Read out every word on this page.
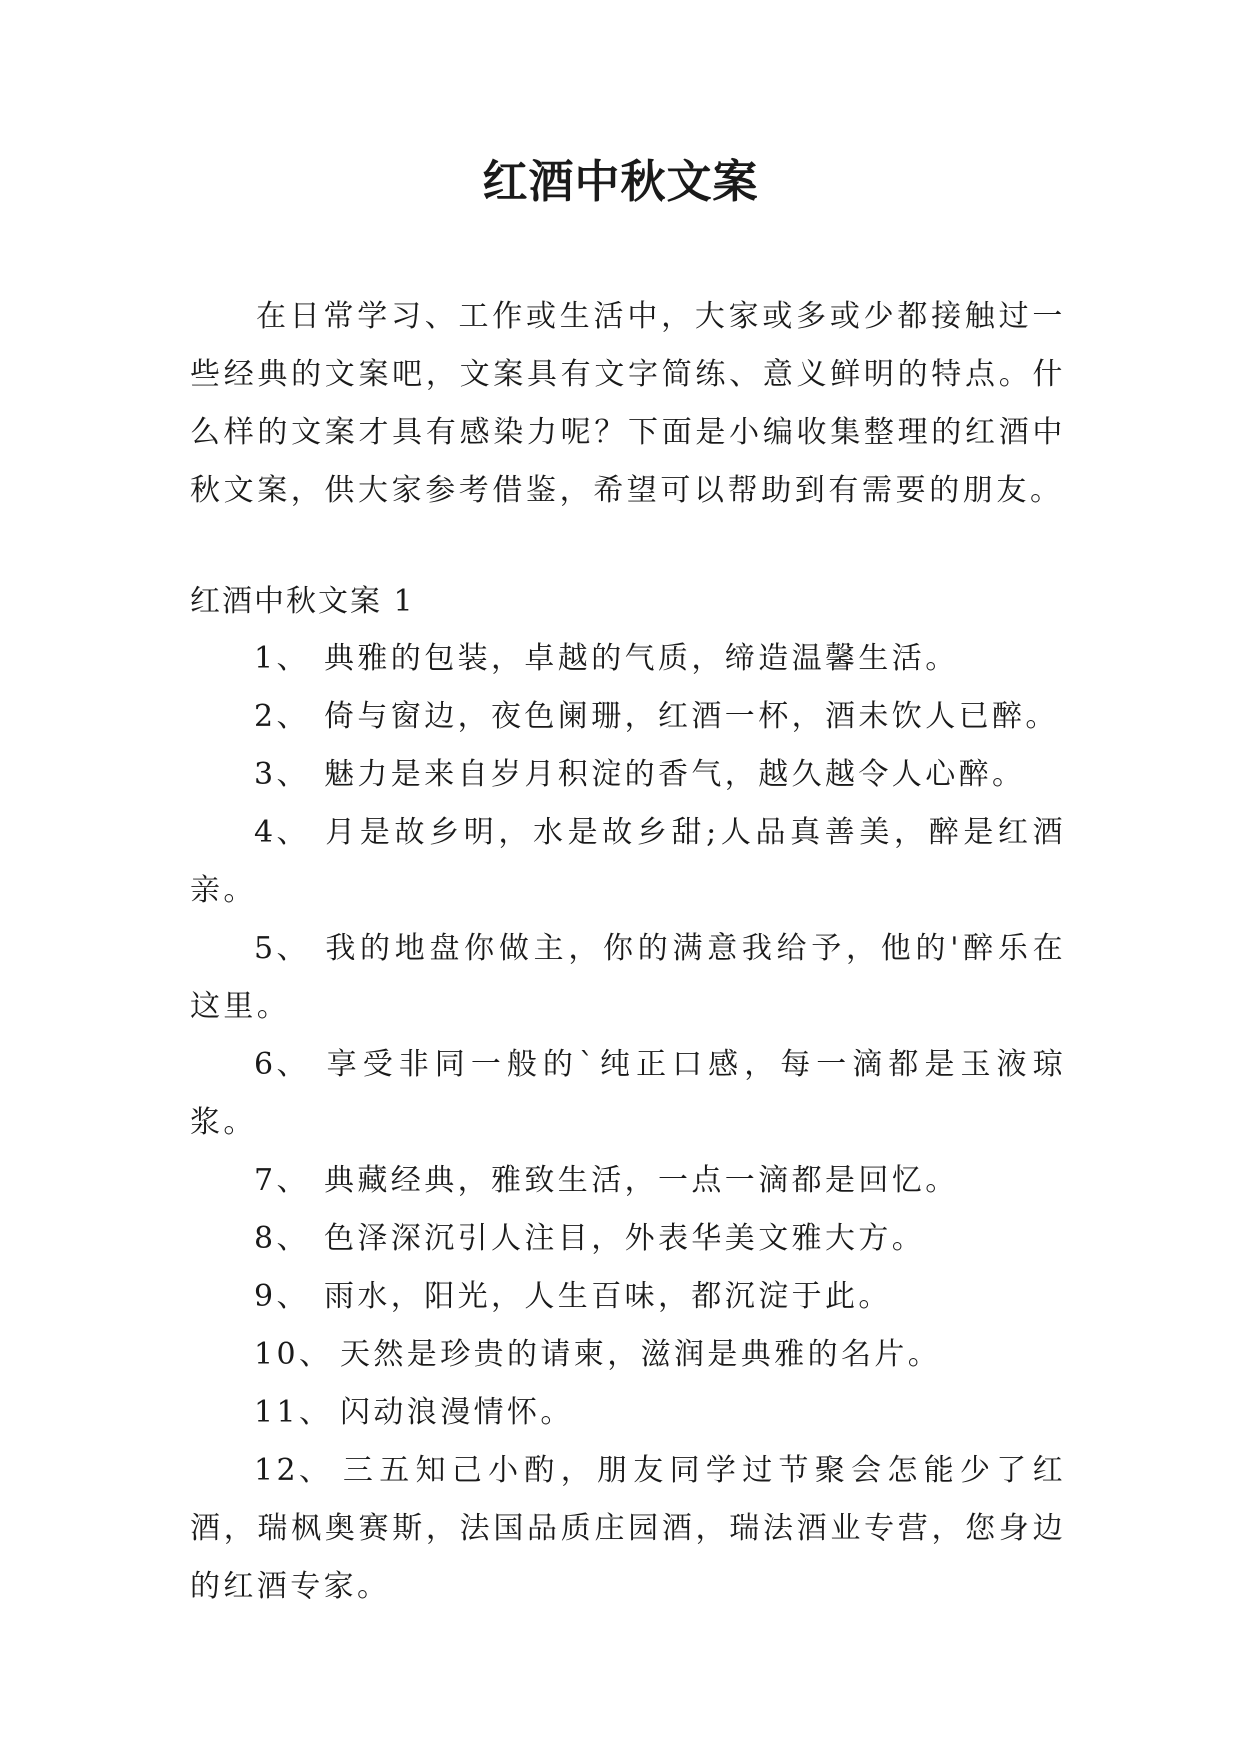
红酒中秋文案

在日常学习、工作或生活中，大家或多或少都接触过一些经典的文案吧，文案具有文字简练、意义鲜明的特点。什么样的文案才具有感染力呢？下面是小编收集整理的红酒中秋文案，供大家参考借鉴，希望可以帮助到有需要的朋友。

红酒中秋文案 1
1、 典雅的包装，卓越的气质，缔造温馨生活。
2、 倚与窗边，夜色阑珊，红酒一杯，酒未饮人已醉。
3、 魅力是来自岁月积淀的香气，越久越令人心醉。
4、 月是故乡明，水是故乡甜;人品真善美，醉是红酒亲。
5、 我的地盘你做主，你的满意我给予，他的'醉乐在这里。
6、 享受非同一般的`纯正口感，每一滴都是玉液琼浆。
7、 典藏经典，雅致生活，一点一滴都是回忆。
8、 色泽深沉引人注目，外表华美文雅大方。
9、 雨水，阳光，人生百味，都沉淀于此。
10、 天然是珍贵的请柬，滋润是典雅的名片。
11、 闪动浪漫情怀。
12、 三五知己小酌，朋友同学过节聚会怎能少了红酒，瑞枫奥赛斯，法国品质庄园酒，瑞法酒业专营，您身边的红酒专家。
